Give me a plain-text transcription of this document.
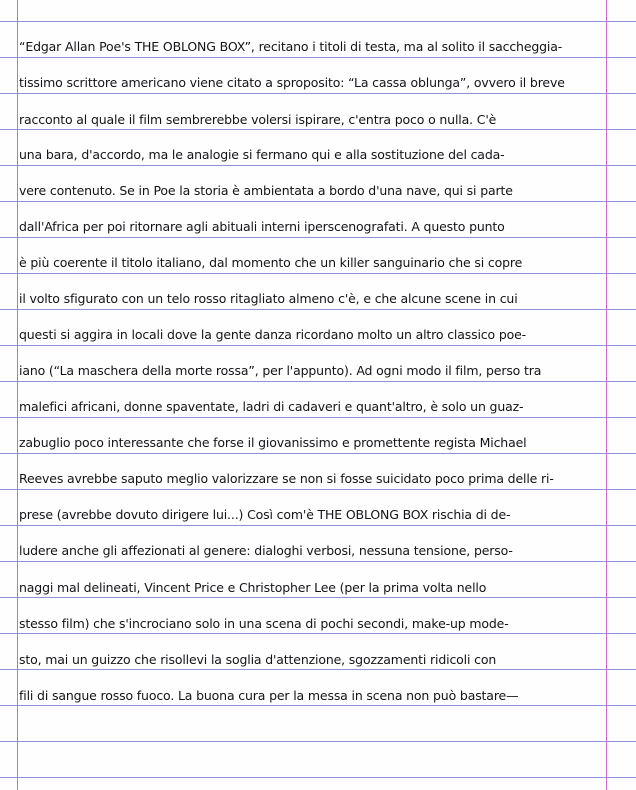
“Edgar Allan Poe's THE OBLONG BOX”, recitano i titoli di testa, ma al solito il saccheggia-
tissimo scrittore americano viene citato a sproposito: “La cassa oblunga”, ovvero il breve
racconto al quale il film sembrerebbe volersi ispirare, c'entra poco o nulla. C'è
una bara, d'accordo, ma le analogie si fermano qui e alla sostituzione del cada-
vere contenuto. Se in Poe la storia è ambientata a bordo d'una nave, qui si parte
dall'Africa per poi ritornare agli abituali interni iperscenografati. A questo punto
è più coerente il titolo italiano, dal momento che un killer sanguinario che si copre
il volto sfigurato con un telo rosso ritagliato almeno c'è, e che alcune scene in cui
questi si aggira in locali dove la gente danza ricordano molto un altro classico poe-
iano (“La maschera della morte rossa”, per l'appunto). Ad ogni modo il film, perso tra
malefici africani, donne spaventate, ladri di cadaveri e quant'altro, è solo un guaz-
zabuglio poco interessante che forse il giovanissimo e promettente regista Michael
Reeves avrebbe saputo meglio valorizzare se non si fosse suicidato poco prima delle ri-
prese (avrebbe dovuto dirigere lui...) Così com'è THE OBLONG BOX rischia di de-
ludere anche gli affezionati al genere: dialoghi verbosi, nessuna tensione, perso-
naggi mal delineati, Vincent Price e Christopher Lee (per la prima volta nello
stesso film) che s'incrociano solo in una scena di pochi secondi, make-up mode-
sto, mai un guizzo che risollevi la soglia d'attenzione, sgozzamenti ridicoli con
fili di sangue rosso fuoco. La buona cura per la messa in scena non può bastare—
